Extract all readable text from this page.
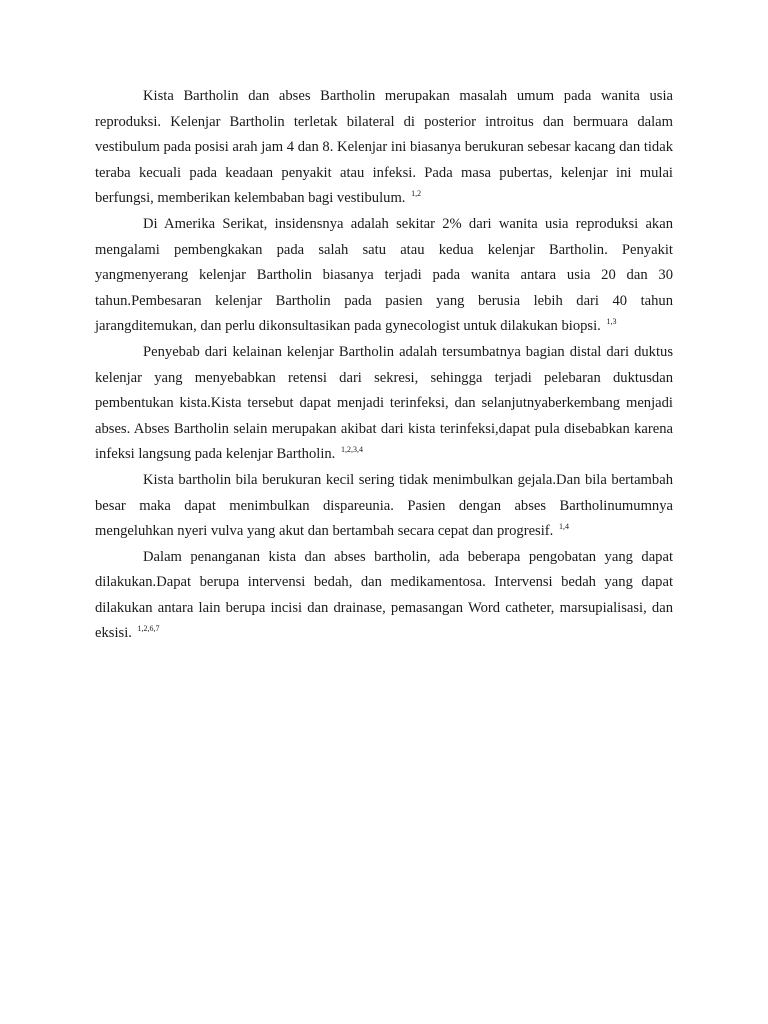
Kista Bartholin dan abses Bartholin merupakan masalah umum pada wanita usia reproduksi. Kelenjar Bartholin terletak bilateral di posterior introitus dan bermuara dalam vestibulum pada posisi arah jam 4 dan 8. Kelenjar ini biasanya berukuran sebesar kacang dan tidak teraba kecuali pada keadaan penyakit atau infeksi. Pada masa pubertas, kelenjar ini mulai berfungsi, memberikan kelembaban bagi vestibulum. $^{1,2}$

Di Amerika Serikat, insidensnya adalah sekitar 2% dari wanita usia reproduksi akan mengalami pembengkakan pada salah satu atau kedua kelenjar Bartholin. Penyakit yangmenyerang kelenjar Bartholin biasanya terjadi pada wanita antara usia 20 dan 30 tahun.Pembesaran kelenjar Bartholin pada pasien yang berusia lebih dari 40 tahun jarangditemukan, dan perlu dikonsultasikan pada gynecologist untuk dilakukan biopsi. $^{1,3}$

Penyebab dari kelainan kelenjar Bartholin adalah tersumbatnya bagian distal dari duktus kelenjar yang menyebabkan retensi dari sekresi, sehingga terjadi pelebaran duktusdan pembentukan kista.Kista tersebut dapat menjadi terinfeksi, dan selanjutnyaberkembang menjadi abses. Abses Bartholin selain merupakan akibat dari kista terinfeksi,dapat pula disebabkan karena infeksi langsung pada kelenjar Bartholin. $^{1,2,3,4}$

Kista bartholin bila berukuran kecil sering tidak menimbulkan gejala.Dan bila bertambah besar maka dapat menimbulkan dispareunia. Pasien dengan abses Bartholinumumnya mengeluhkan nyeri vulva yang akut dan bertambah secara cepat dan progresif. $^{1,4}$

Dalam penanganan kista dan abses bartholin, ada beberapa pengobatan yang dapat dilakukan.Dapat berupa intervensi bedah, dan medikamentosa. Intervensi bedah yang dapat dilakukan antara lain berupa incisi dan drainase, pemasangan Word catheter, marsupialisasi, dan eksisi. $^{1,2,6,7}$
